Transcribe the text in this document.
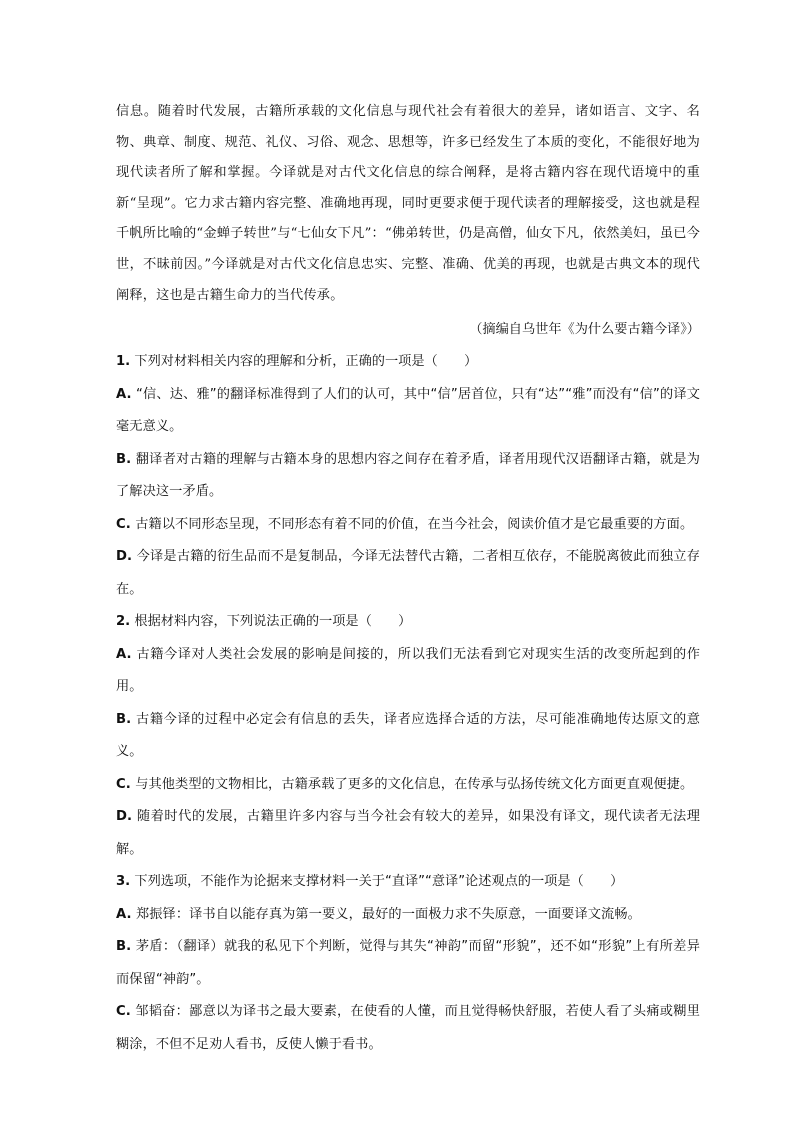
信息。随着时代发展，古籍所承载的文化信息与现代社会有着很大的差异，诸如语言、文字、名物、典章、制度、规范、礼仪、习俗、观念、思想等，许多已经发生了本质的变化，不能很好地为现代读者所了解和掌握。今译就是对古代文化信息的综合阐释，是将古籍内容在现代语境中的重新“呈现”。它力求古籍内容完整、准确地再现，同时更要求便于现代读者的理解接受，这也就是程千帆所比喻的“金蝉子转世”与“七仙女下凡”：“佛弟转世，仍是高僧，仙女下凡，依然美妇，虽已今世，不昧前因。”今译就是对古代文化信息忠实、完整、准确、优美的再现，也就是古典文本的现代阐释，这也是古籍生命力的当代传承。

（摘编自乌世年《为什么要古籍今译》）

1. 下列对材料相关内容的理解和分析，正确的一项是（　　）

A. “信、达、雅”的翻译标准得到了人们的认可，其中“信”居首位，只有“达”“雅”而没有“信”的译文毫无意义。

B. 翻译者对古籍的理解与古籍本身的思想内容之间存在着矛盾，译者用现代汉语翻译古籍，就是为了解决这一矛盾。

C. 古籍以不同形态呈现，不同形态有着不同的价值，在当今社会，阅读价值才是它最重要的方面。

D. 今译是古籍的衍生品而不是复制品，今译无法替代古籍，二者相互依存，不能脱离彼此而独立存在。

2. 根据材料内容，下列说法正确的一项是（　　）

A. 古籍今译对人类社会发展的影响是间接的，所以我们无法看到它对现实生活的改变所起到的作用。

B. 古籍今译的过程中必定会有信息的丢失，译者应选择合适的方法，尽可能准确地传达原文的意义。

C. 与其他类型的文物相比，古籍承载了更多的文化信息，在传承与弘扬传统文化方面更直观便捷。

D. 随着时代的发展，古籍里许多内容与当今社会有较大的差异，如果没有译文，现代读者无法理解。

3. 下列选项，不能作为论据来支撑材料一关于“直译”“意译”论述观点的一项是（　　）

A. 郑振铎：译书自以能存真为第一要义，最好的一面极力求不失原意，一面要译文流畅。

B. 茅盾：（翻译）就我的私见下个判断，觉得与其失“神韵”而留“形貌”，还不如“形貌”上有所差异而保留“神韵”。

C. 邹韬奋：鄙意以为译书之最大要素，在使看的人懂，而且觉得畅快舒服，若使人看了头痛或糊里糊涂，不但不足劝人看书，反使人懒于看书。
